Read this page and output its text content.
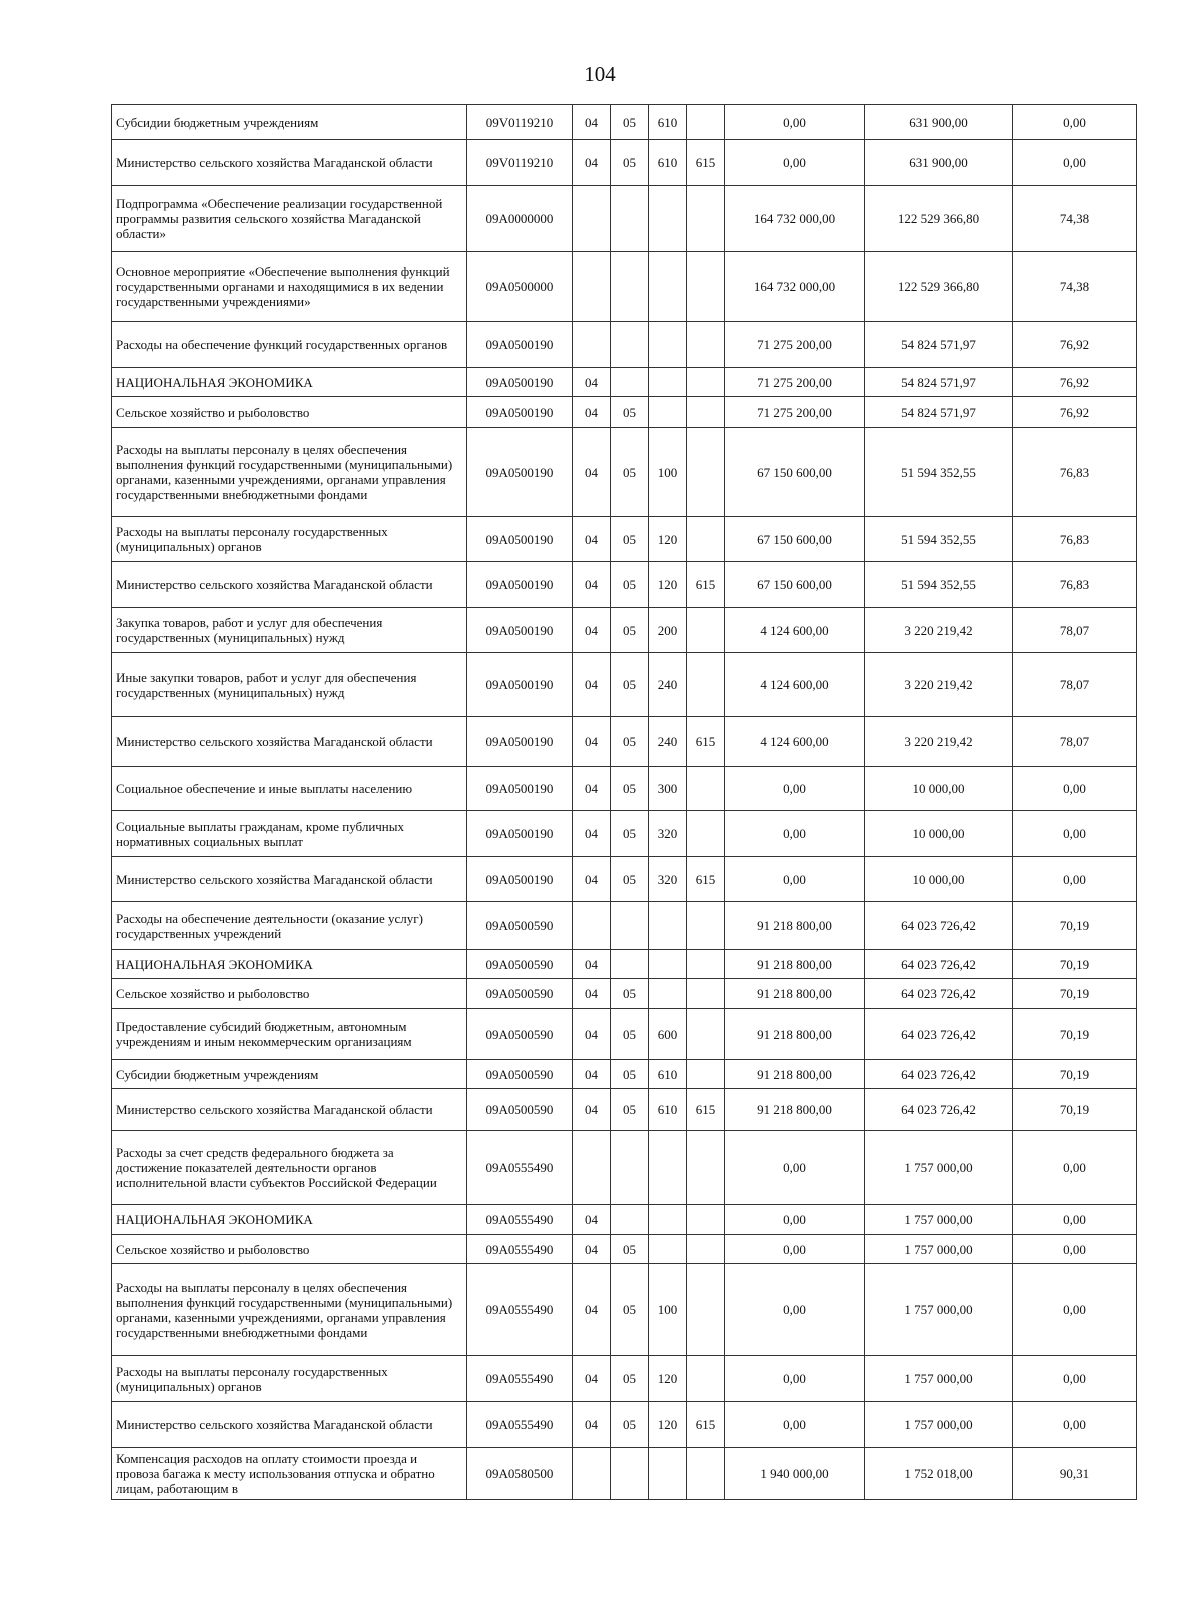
104
Субсидии бюджетным учреждениям	09V0119210	04	05	610		0,00	631 900,00	0,00
Министерство сельского хозяйства Магаданской области	09V0119210	04	05	610	615	0,00	631 900,00	0,00
Подпрограмма «Обеспечение реализации государственной программы развития сельского хозяйства Магаданской области»	09А0000000					164 732 000,00	122 529 366,80	74,38
Основное мероприятие «Обеспечение выполнения функций государственными органами и находящимися в их ведении государственными учреждениями»	09А0500000					164 732 000,00	122 529 366,80	74,38
Расходы на обеспечение функций государственных органов	09А0500190					71 275 200,00	54 824 571,97	76,92
НАЦИОНАЛЬНАЯ ЭКОНОМИКА	09А0500190	04				71 275 200,00	54 824 571,97	76,92
Сельское хозяйство и рыболовство	09А0500190	04	05			71 275 200,00	54 824 571,97	76,92
Расходы на выплаты персоналу в целях обеспечения выполнения функций государственными (муниципальными) органами, казенными учреждениями, органами управления государственными внебюджетными фондами	09А0500190	04	05	100		67 150 600,00	51 594 352,55	76,83
Расходы на выплаты персоналу государственных (муниципальных) органов	09А0500190	04	05	120		67 150 600,00	51 594 352,55	76,83
Министерство сельского хозяйства Магаданской области	09А0500190	04	05	120	615	67 150 600,00	51 594 352,55	76,83
Закупка товаров, работ и услуг для обеспечения государственных (муниципальных) нужд	09А0500190	04	05	200		4 124 600,00	3 220 219,42	78,07
Иные закупки товаров, работ и услуг для обеспечения государственных (муниципальных) нужд	09А0500190	04	05	240		4 124 600,00	3 220 219,42	78,07
Министерство сельского хозяйства Магаданской области	09А0500190	04	05	240	615	4 124 600,00	3 220 219,42	78,07
Социальное обеспечение и иные выплаты населению	09А0500190	04	05	300		0,00	10 000,00	0,00
Социальные выплаты гражданам, кроме публичных нормативных социальных выплат	09А0500190	04	05	320		0,00	10 000,00	0,00
Министерство сельского хозяйства Магаданской области	09А0500190	04	05	320	615	0,00	10 000,00	0,00
Расходы на обеспечение деятельности (оказание услуг) государственных учреждений	09А0500590					91 218 800,00	64 023 726,42	70,19
НАЦИОНАЛЬНАЯ ЭКОНОМИКА	09А0500590	04				91 218 800,00	64 023 726,42	70,19
Сельское хозяйство и рыболовство	09А0500590	04	05			91 218 800,00	64 023 726,42	70,19
Предоставление субсидий бюджетным, автономным учреждениям и иным некоммерческим организациям	09А0500590	04	05	600		91 218 800,00	64 023 726,42	70,19
Субсидии бюджетным учреждениям	09А0500590	04	05	610		91 218 800,00	64 023 726,42	70,19
Министерство сельского хозяйства Магаданской области	09А0500590	04	05	610	615	91 218 800,00	64 023 726,42	70,19
Расходы за счет средств федерального бюджета за достижение показателей деятельности органов исполнительной власти субъектов Российской Федерации	09А0555490					0,00	1 757 000,00	0,00
НАЦИОНАЛЬНАЯ ЭКОНОМИКА	09А0555490	04				0,00	1 757 000,00	0,00
Сельское хозяйство и рыболовство	09А0555490	04	05			0,00	1 757 000,00	0,00
Расходы на выплаты персоналу в целях обеспечения выполнения функций государственными (муниципальными) органами, казенными учреждениями, органами управления государственными внебюджетными фондами	09А0555490	04	05	100		0,00	1 757 000,00	0,00
Расходы на выплаты персоналу государственных (муниципальных) органов	09А0555490	04	05	120		0,00	1 757 000,00	0,00
Министерство сельского хозяйства Магаданской области	09А0555490	04	05	120	615	0,00	1 757 000,00	0,00
Компенсация расходов на оплату стоимости проезда и провоза багажа к месту использования отпуска и обратно лицам, работающим в	09А0580500					1 940 000,00	1 752 018,00	90,31
